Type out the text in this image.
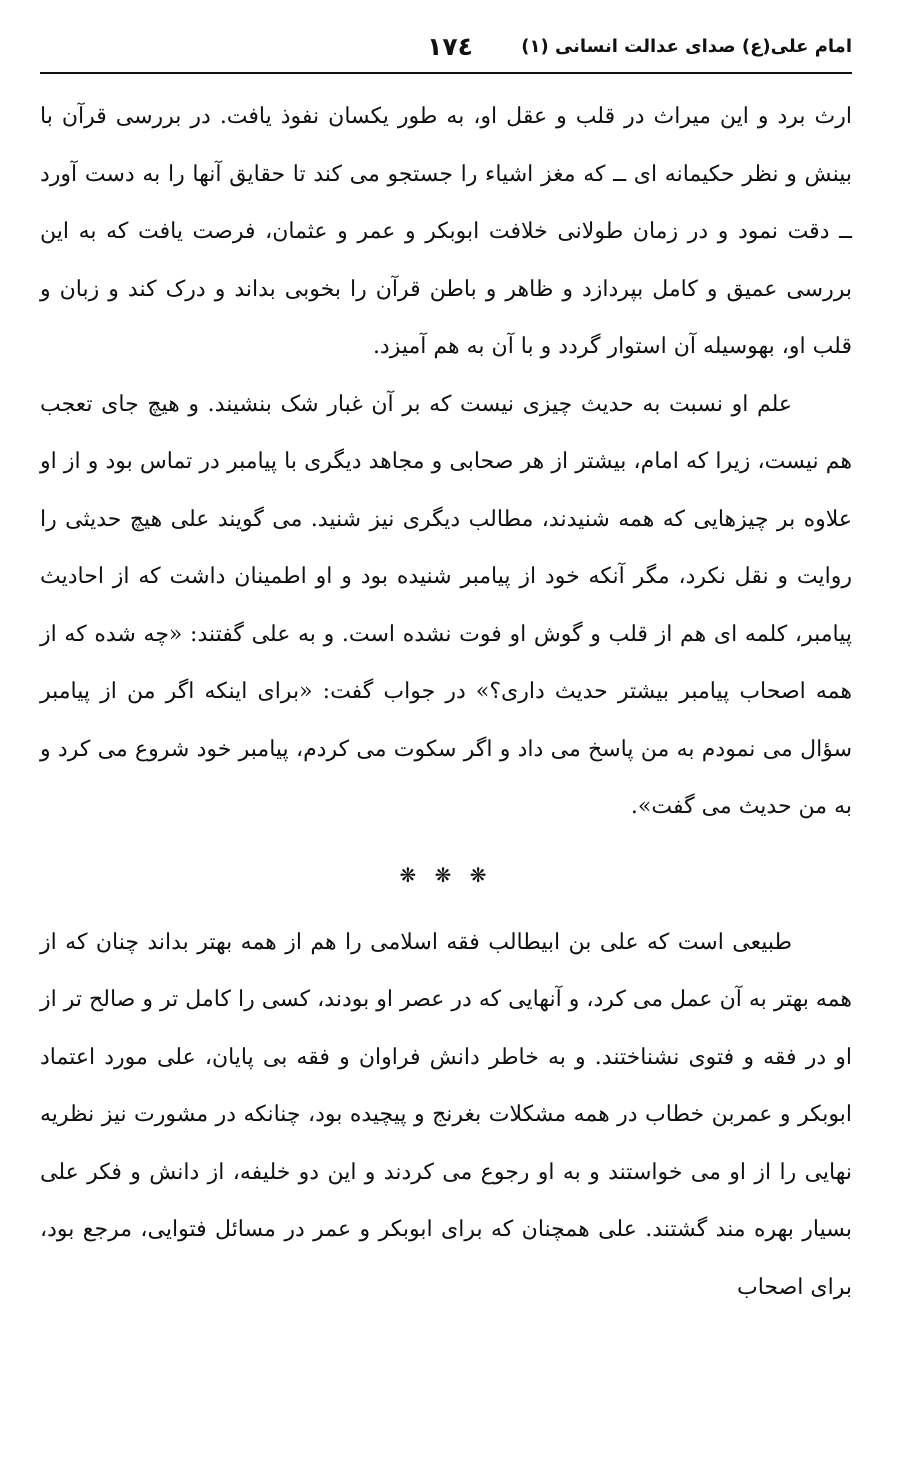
امام علی(ع) صدای عدالت انسانی (۱)
۱۷٤

ارث برد و این میراث در قلب و عقل او، به طور یکسان نفوذ یافت. در بررسی قرآن با بینش و نظر حکیمانه ای ــ که مغز اشیاء را جستجو می کند تا حقایق آنها را به دست آورد ــ دقت نمود و در زمان طولانی خلافت ابوبکر و عمر و عثمان، فرصت یافت که به این بررسی عمیق و کامل بپردازد و ظاهر و باطن قرآن را بخوبی بداند و درک کند و زبان و قلب او، بهوسیله آن استوار گردد و با آن به هم آمیزد.

علم او نسبت به حدیث چیزی نیست که بر آن غبار شک بنشیند. و هیچ جای تعجب هم نیست، زیرا که امام، بیشتر از هر صحابی و مجاهد دیگری با پیامبر در تماس بود و از او علاوه بر چیزهایی که همه شنیدند، مطالب دیگری نیز شنید. می گویند علی هیچ حدیثی را روایت و نقل نکرد، مگر آنکه خود از پیامبر شنیده بود و او اطمینان داشت که از احادیث پیامبر، کلمه ای هم از قلب و گوش او فوت نشده است. و به علی گفتند: «چه شده که از همه اصحاب پیامبر بیشتر حدیث داری؟» در جواب گفت: «برای اینکه اگر من از پیامبر سؤال می نمودم به من پاسخ می داد و اگر سکوت می کردم، پیامبر خود شروع می کرد و به من حدیث می گفت».

❋ ❋ ❋

طبیعی است که علی بن ابیطالب فقه اسلامی را هم از همه بهتر بداند چنان که از همه بهتر به آن عمل می کرد، و آنهایی که در عصر او بودند، کسی را کامل تر و صالح تر از او در فقه و فتوی نشناختند. و به خاطر دانش فراوان و فقه بی پایان، علی مورد اعتماد ابوبکر و عمربن خطاب در همه مشکلات بغرنج و پیچیده بود، چنانکه در مشورت نیز نظریه نهایی را از او می خواستند و به او رجوع می کردند و این دو خلیفه، از دانش و فکر علی بسیار بهره مند گشتند. علی همچنان که برای ابوبکر و عمر در مسائل فتوایی، مرجع بود، برای اصحاب
